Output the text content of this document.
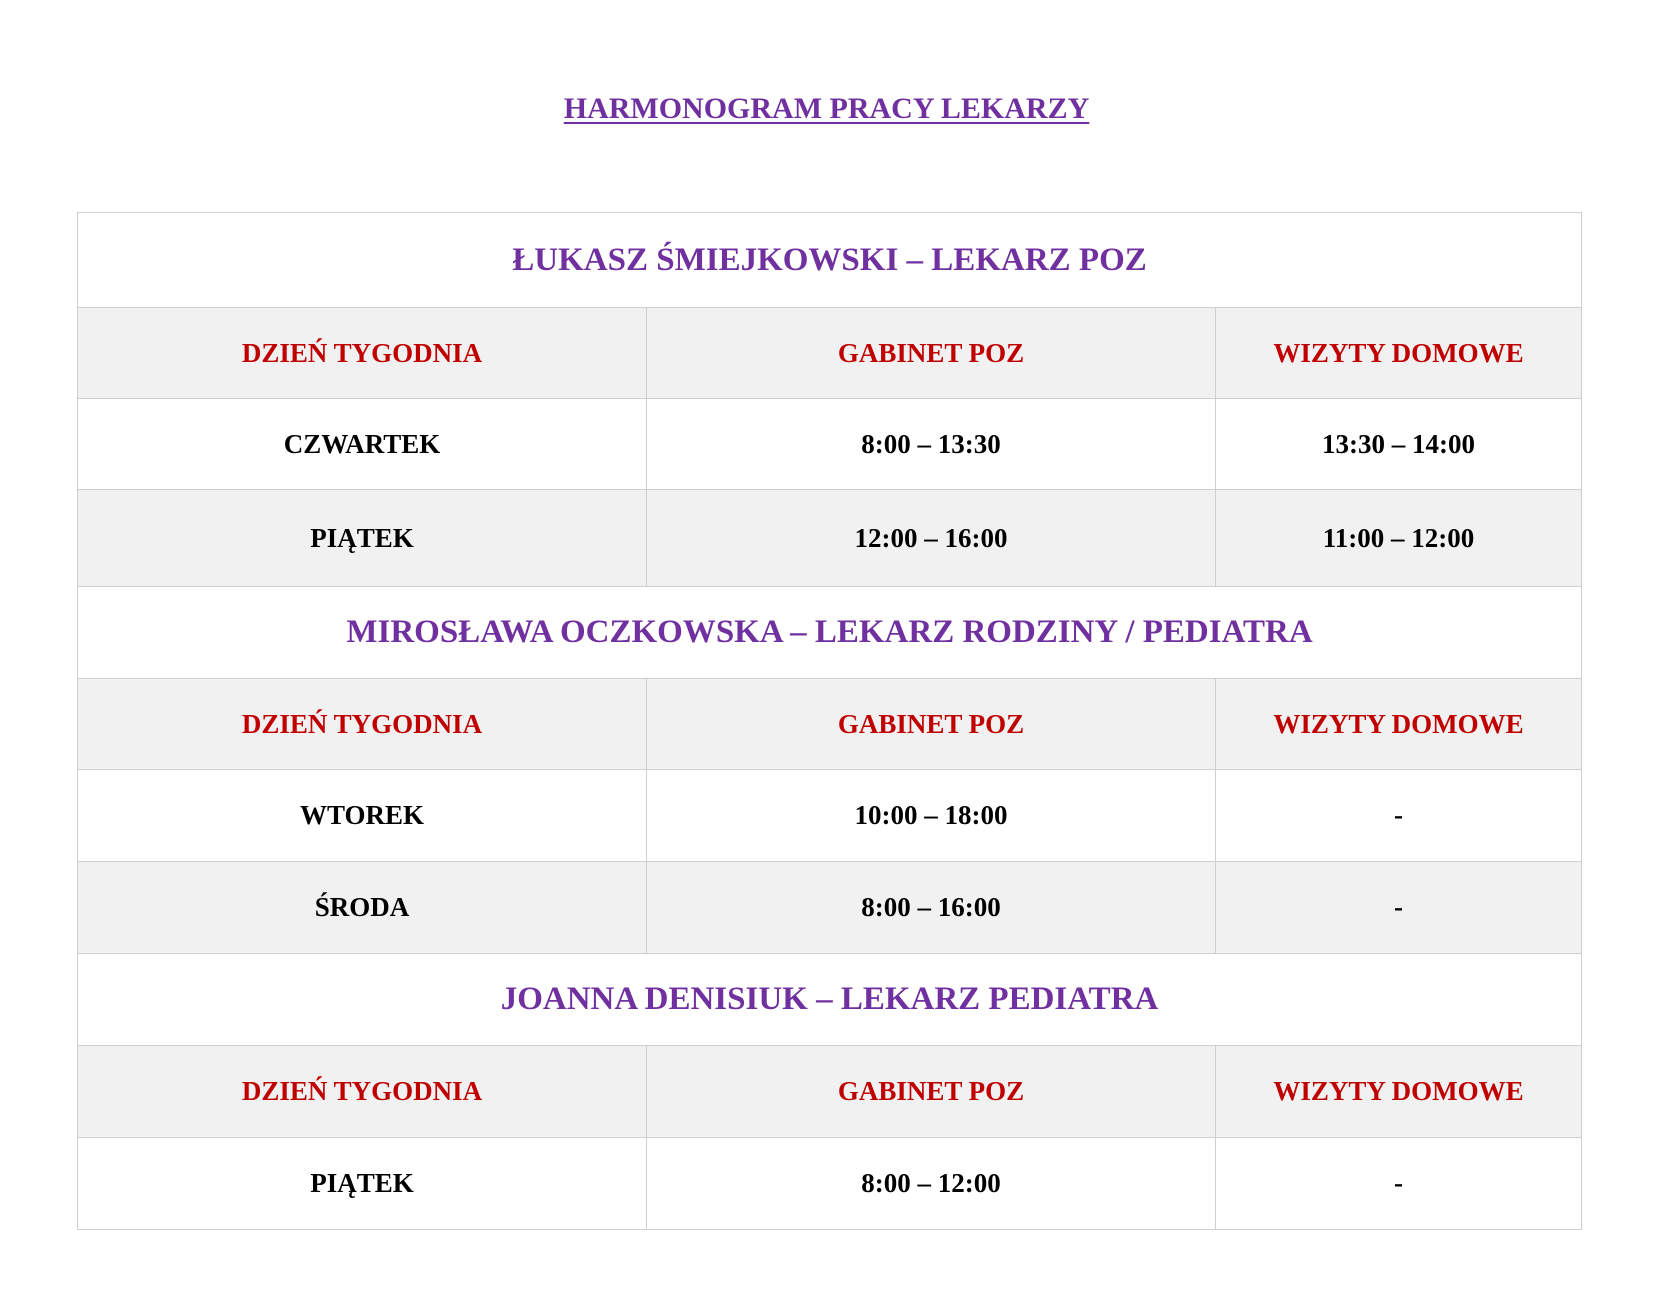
HARMONOGRAM PRACY LEKARZY
ŁUKASZ ŚMIEJKOWSKI – LEKARZ POZ		
DZIEŃ TYGODNIA	GABINET POZ	WIZYTY DOMOWE
CZWARTEK	8:00 – 13:30	13:30 – 14:00
PIĄTEK	12:00 – 16:00	11:00 – 12:00
MIROSŁAWA OCZKOWSKA – LEKARZ RODZINY / PEDIATRA		
DZIEŃ TYGODNIA	GABINET POZ	WIZYTY DOMOWE
WTOREK	10:00 – 18:00	-
ŚRODA	8:00 – 16:00	-
JOANNA DENISIUK – LEKARZ PEDIATRA		
DZIEŃ TYGODNIA	GABINET POZ	WIZYTY DOMOWE
PIĄTEK	8:00 – 12:00	-
